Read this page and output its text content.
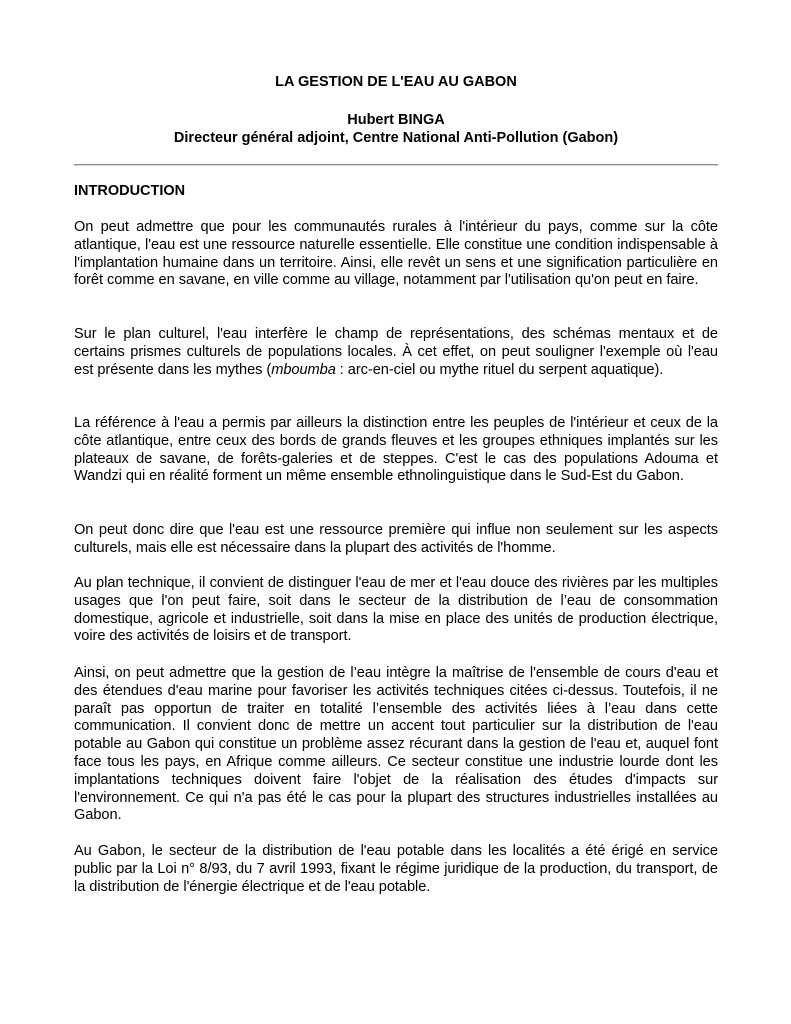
LA GESTION DE L'EAU AU GABON

Hubert BINGA

Directeur général adjoint, Centre National Anti-Pollution (Gabon)

INTRODUCTION

On peut admettre que pour les communautés rurales à l'intérieur du pays, comme sur la côte atlantique, l'eau est une ressource naturelle essentielle. Elle constitue une condition indispensable à l'implantation humaine dans un territoire. Ainsi, elle revêt un sens et une signification particulière en forêt comme en savane, en ville comme au village, notamment par l'utilisation qu'on peut en faire.

Sur le plan culturel, l'eau interfère le champ de représentations, des schémas mentaux et de certains prismes culturels de populations locales. À cet effet, on peut souligner l'exemple où l'eau est présente dans les mythes (mboumba : arc-en-ciel ou mythe rituel du serpent aquatique).

La référence à l'eau a permis par ailleurs la distinction entre les peuples de l'intérieur et ceux de la côte atlantique, entre ceux des bords de grands fleuves et les groupes ethniques implantés sur les plateaux de savane, de forêts-galeries et de steppes. C'est le cas des populations Adouma et Wandzi qui en réalité forment un même ensemble ethnolinguistique dans le Sud-Est du Gabon.

On peut donc dire que l'eau est une ressource première qui influe non seulement sur les aspects culturels, mais elle est nécessaire dans la plupart des activités de l'homme.

Au plan technique, il convient de distinguer l'eau de mer et l'eau douce des rivières par les multiples usages que l'on peut faire, soit dans le secteur de la distribution de l’eau de consommation domestique, agricole et industrielle, soit dans la mise en place des unités de production électrique, voire des activités de loisirs et de transport.

Ainsi, on peut admettre que la gestion de l’eau intègre la maîtrise de l'ensemble de cours d'eau et des étendues d'eau marine pour favoriser les activités techniques citées ci-dessus. Toutefois, il ne paraît pas opportun de traiter en totalité l’ensemble des activités liées à l’eau dans cette communication. Il convient donc de mettre un accent tout particulier sur la distribution de l'eau potable au Gabon qui constitue un problème assez récurant dans la gestion de l'eau et, auquel font face tous les pays, en Afrique comme ailleurs. Ce secteur constitue une industrie lourde dont les implantations techniques doivent faire l'objet de la réalisation des études d'impacts sur l'environnement. Ce qui n'a pas été le cas pour la plupart des structures industrielles installées au Gabon.

Au Gabon, le secteur de la distribution de l'eau potable dans les localités a été érigé en service public par la Loi n° 8/93, du 7 avril 1993, fixant le régime juridique de la production, du transport, de la distribution de l'énergie électrique et de l'eau potable.
